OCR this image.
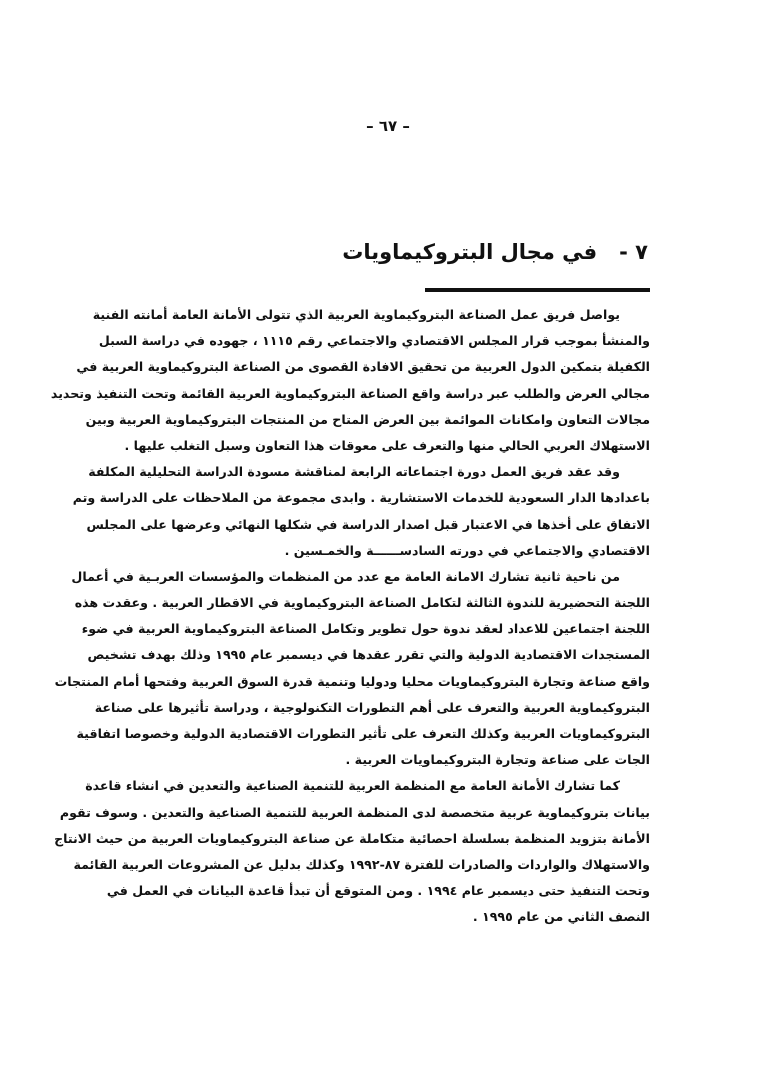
– ٦٧ –
٧ -في مجال البتروكيماويات
يواصل فريق عمل الصناعة البتروكيماوية العربية الذي تتولى الأمانة العامة أمانته الفنية
والمنشأ بموجب قرار المجلس الاقتصادي والاجتماعي رقم ١١١٥ ، جهوده في دراسة السبل
الكفيلة بتمكين الدول العربية من تحقيق الافادة القصوى من الصناعة البتروكيماوية العربية في
مجالي العرض والطلب عبر دراسة واقع الصناعة البتروكيماوية العربية القائمة وتحت التنفيذ وتحديد
مجالات التعاون وامكانات الموائمة بين العرض المتاح من المنتجات البتروكيماوية العربية وبين
الاستهلاك العربي الحالي منها والتعرف على معوقات هذا التعاون وسبل التغلب عليها .
وقد عقد فريق العمل دورة اجتماعاته الرابعة لمناقشة مسودة الدراسة التحليلية المكلفة
باعدادها الدار السعودية للخدمات الاستشارية . وابدى مجموعة من الملاحظات على الدراسة وتم
الاتفاق على أخذها في الاعتبار قبل اصدار الدراسة في شكلها النهائي وعرضها على المجلس
الاقتصادي والاجتماعي في دورته السادســــــة والخمـسين .
من ناحية ثانية تشارك الامانة العامة مع عدد من المنظمات والمؤسسات العربـية في أعمال
اللجنة التحضيرية للندوة الثالثة لتكامل الصناعة البتروكيماوية في الاقطار العربية . وعقدت هذه
اللجنة اجتماعين للاعداد لعقد ندوة حول تطوير وتكامل الصناعة البتروكيماوية العربية في ضوء
المستجدات الاقتصادية الدولية والتي تقرر عقدها في ديسمبر عام ١٩٩٥ وذلك بهدف تشخيص
واقع صناعة وتجارة البتروكيماويات محليا ودوليا وتنمية قدرة السوق العربية وفتحها أمام المنتجات
البتروكيماوية العربية والتعرف على أهم التطورات التكنولوجية ، ودراسة تأثيرها على صناعة
البتروكيماويات العربية وكذلك التعرف على تأثير التطورات الاقتصادية الدولية وخصوصا اتفاقية
الجات على صناعة وتجارة البتروكيماويات العربية .
كما تشارك الأمانة العامة مع المنظمة العربية للتنمية الصناعية والتعدين في انشاء قاعدة
بيانات بتروكيماوية عربية متخصصة لدى المنظمة العربية للتنمية الصناعية والتعدين . وسوف تقوم
الأمانة بتزويد المنظمة بسلسلة احصائية متكاملة عن صناعة البتروكيماويات العربية من حيث الانتاج
والاستهلاك والواردات والصادرات للفترة ٨٧-١٩٩٢ وكذلك بدليل عن المشروعات العربية القائمة
وتحت التنفيذ حتى ديسمبر عام ١٩٩٤ . ومن المتوقع أن تبدأ قاعدة البيانات في العمل في
النصف الثاني من عام ١٩٩٥ .
